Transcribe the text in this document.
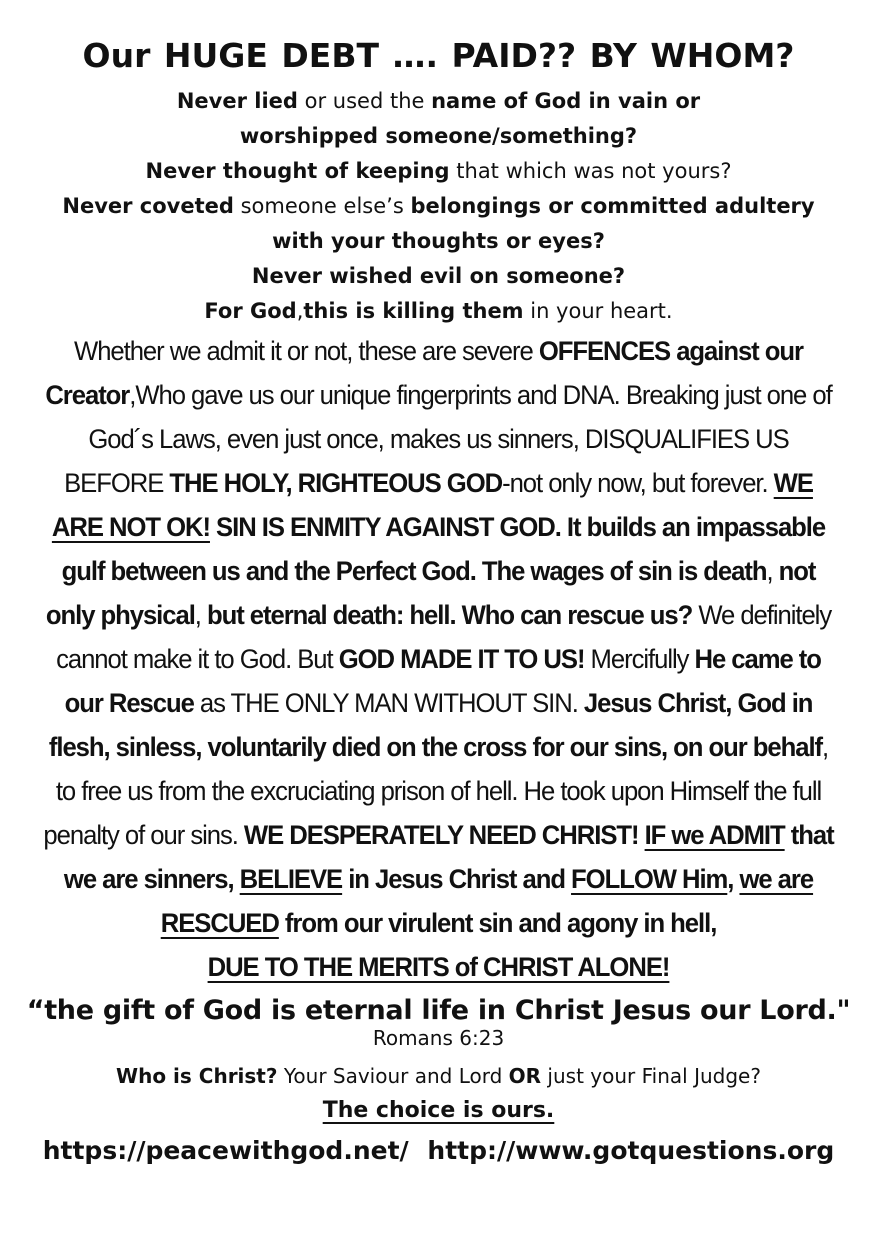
Our HUGE DEBT …. PAID?? BY WHOM?

Never lied or used the name of God in vain or

worshipped someone/something?

Never thought of keeping that which was not yours?

Never coveted someone else’s belongings or committed adultery

with your thoughts or eyes?

Never wished evil on someone?

For God,this is killing them in your heart.

Whether we admit it or not, these are severe OFFENCES against our Creator,Who gave us our unique fingerprints and DNA. Breaking just one of God´s Laws, even just once, makes us sinners, DISQUALIFIES US BEFORE THE HOLY, RIGHTEOUS GOD-not only now, but forever. WE ARE NOT OK! SIN IS ENMITY AGAINST GOD. It builds an impassable gulf between us and the Perfect God. The wages of sin is death, not only physical, but eternal death: hell. Who can rescue us? We definitely cannot make it to God. But GOD MADE IT TO US! Mercifully He came to our Rescue as THE ONLY MAN WITHOUT SIN. Jesus Christ, God in flesh, sinless, voluntarily died on the cross for our sins, on our behalf, to free us from the excruciating prison of hell. He took upon Himself the full penalty of our sins. WE DESPERATELY NEED CHRIST! IF we ADMIT that we are sinners, BELIEVE in Jesus Christ and FOLLOW Him, we are RESCUED from our virulent sin and agony in hell,
DUE TO THE MERITS of CHRIST ALONE!

“the gift of God is eternal life in Christ Jesus our Lord."

Romans 6:23

Who is Christ? Your Saviour and Lord OR just your Final Judge?

The choice is ours.

https://peacewithgod.net/ http://www.gotquestions.org
